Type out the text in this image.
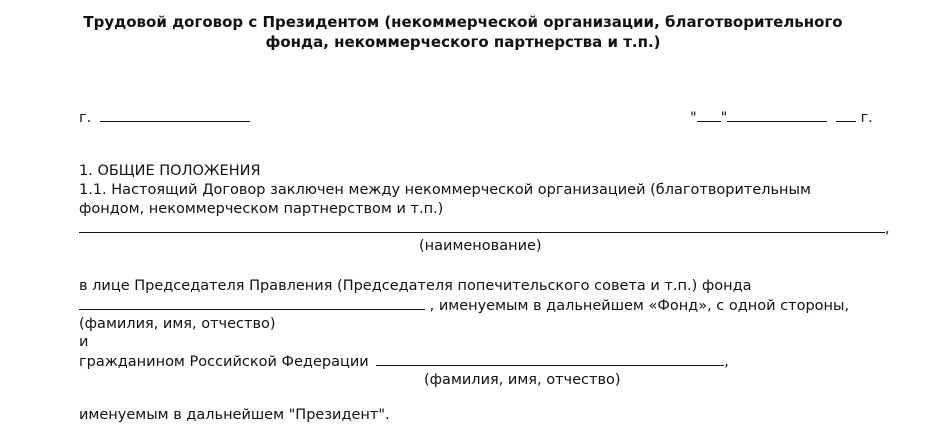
Трудовой договор с Президентом (некоммерческой организации, благотворительного
фонда, некоммерческого партнерства и т.п.)
г.	" "	г.
1. ОБЩИЕ ПОЛОЖЕНИЯ
1.1. Настоящий Договор заключен между некоммерческой организацией (благотворительным
фондом, некоммерческом партнерством и т.п.)
,
(наименование)
в лице Председателя Правления (Председателя попечительского совета и т.п.) фонда
, именуемым в дальнейшем «Фонд», с одной стороны,
(фамилия, имя, отчество)
и
гражданином Российской Федерации	,
(фамилия, имя, отчество)
именуемым в дальнейшем "Президент".
